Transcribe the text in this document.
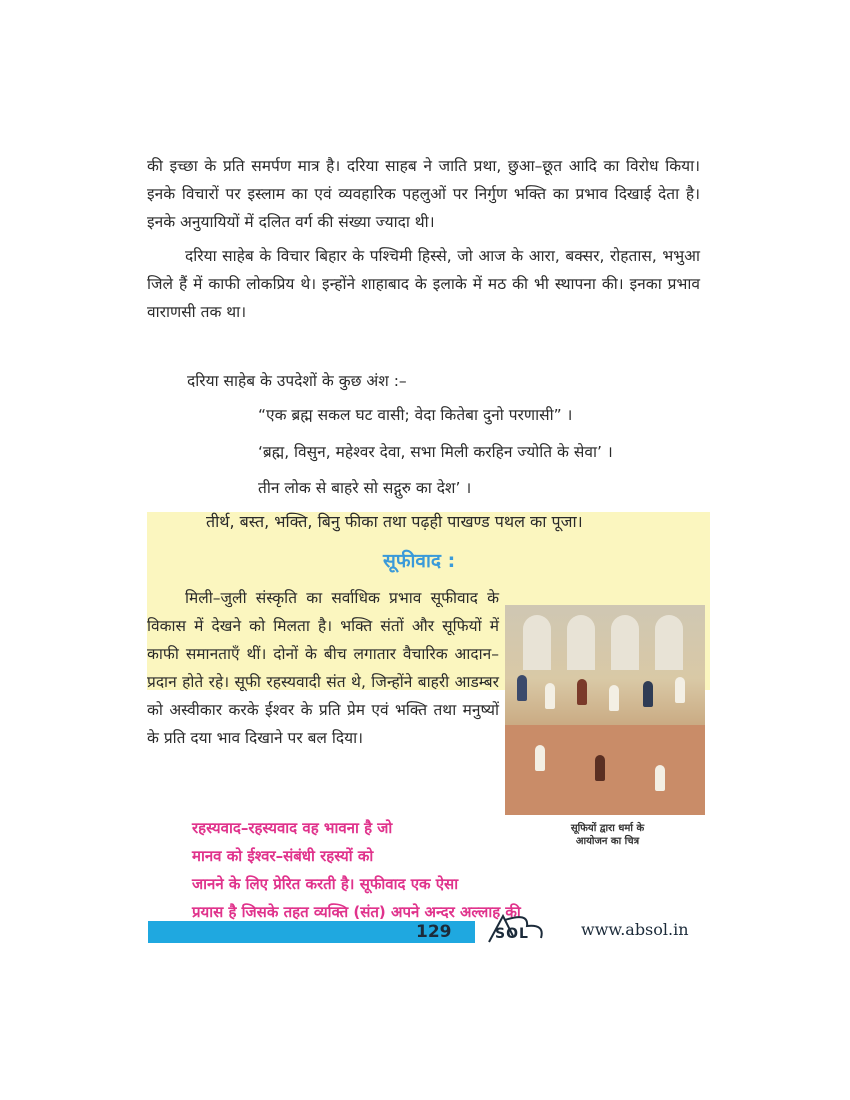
की इच्छा के प्रति समर्पण मात्र है। दरिया साहब ने जाति प्रथा, छुआ–छूत आदि का विरोध किया। इनके विचारों पर इस्लाम का एवं व्यवहारिक पहलुओं पर निर्गुण भक्ति का प्रभाव दिखाई देता है। इनके अनुयायियों में दलित वर्ग की संख्या ज्यादा थी।

दरिया साहेब के विचार बिहार के पश्चिमी हिस्से, जो आज के आरा, बक्सर, रोहतास, भभुआ जिले हैं में काफी लोकप्रिय थे। इन्होंने शाहाबाद के इलाके में मठ की भी स्थापना की। इनका प्रभाव वाराणसी तक था।

दरिया साहेब के उपदेशों के कुछ अंश :–

“एक ब्रह्म सकल घट वासी; वेदा कितेबा दुनो परणासी” ।

‘ब्रह्म, विसुन, महेश्वर देवा, सभा मिली करहिन ज्योति के सेवा’ ।

तीन लोक से बाहरे सो सद्गुरु का देश’ ।

तीर्थ, बस्त, भक्ति, बिनु फीका तथा पढ़ही पाखण्ड पथल का पूजा।

सूफीवाद :

मिली–जुली संस्कृति का सर्वाधिक प्रभाव सूफीवाद के विकास में देखने को मिलता है। भक्ति संतों और सूफियों में काफी समानताएँ थीं। दोनों के बीच लगातार वैचारिक आदान–प्रदान होते रहे। सूफी रहस्यवादी संत थे, जिन्होंने बाहरी आडम्बर को अस्वीकार करके ईश्वर के प्रति प्रेम एवं भक्ति तथा मनुष्यों के प्रति दया भाव दिखाने पर बल दिया।

सूफियों द्वारा धर्मा के
आयोजन का चित्र

रहस्यवाद–रहस्यवाद वह भावना है जो

मानव को ईश्वर–संबंधी रहस्यों को

जानने के लिए प्रेरित करती है। सूफीवाद एक ऐसा

प्रयास है जिसके तहत व्यक्ति (संत) अपने अन्दर अल्लाह की

129	SOL	www.absol.in
